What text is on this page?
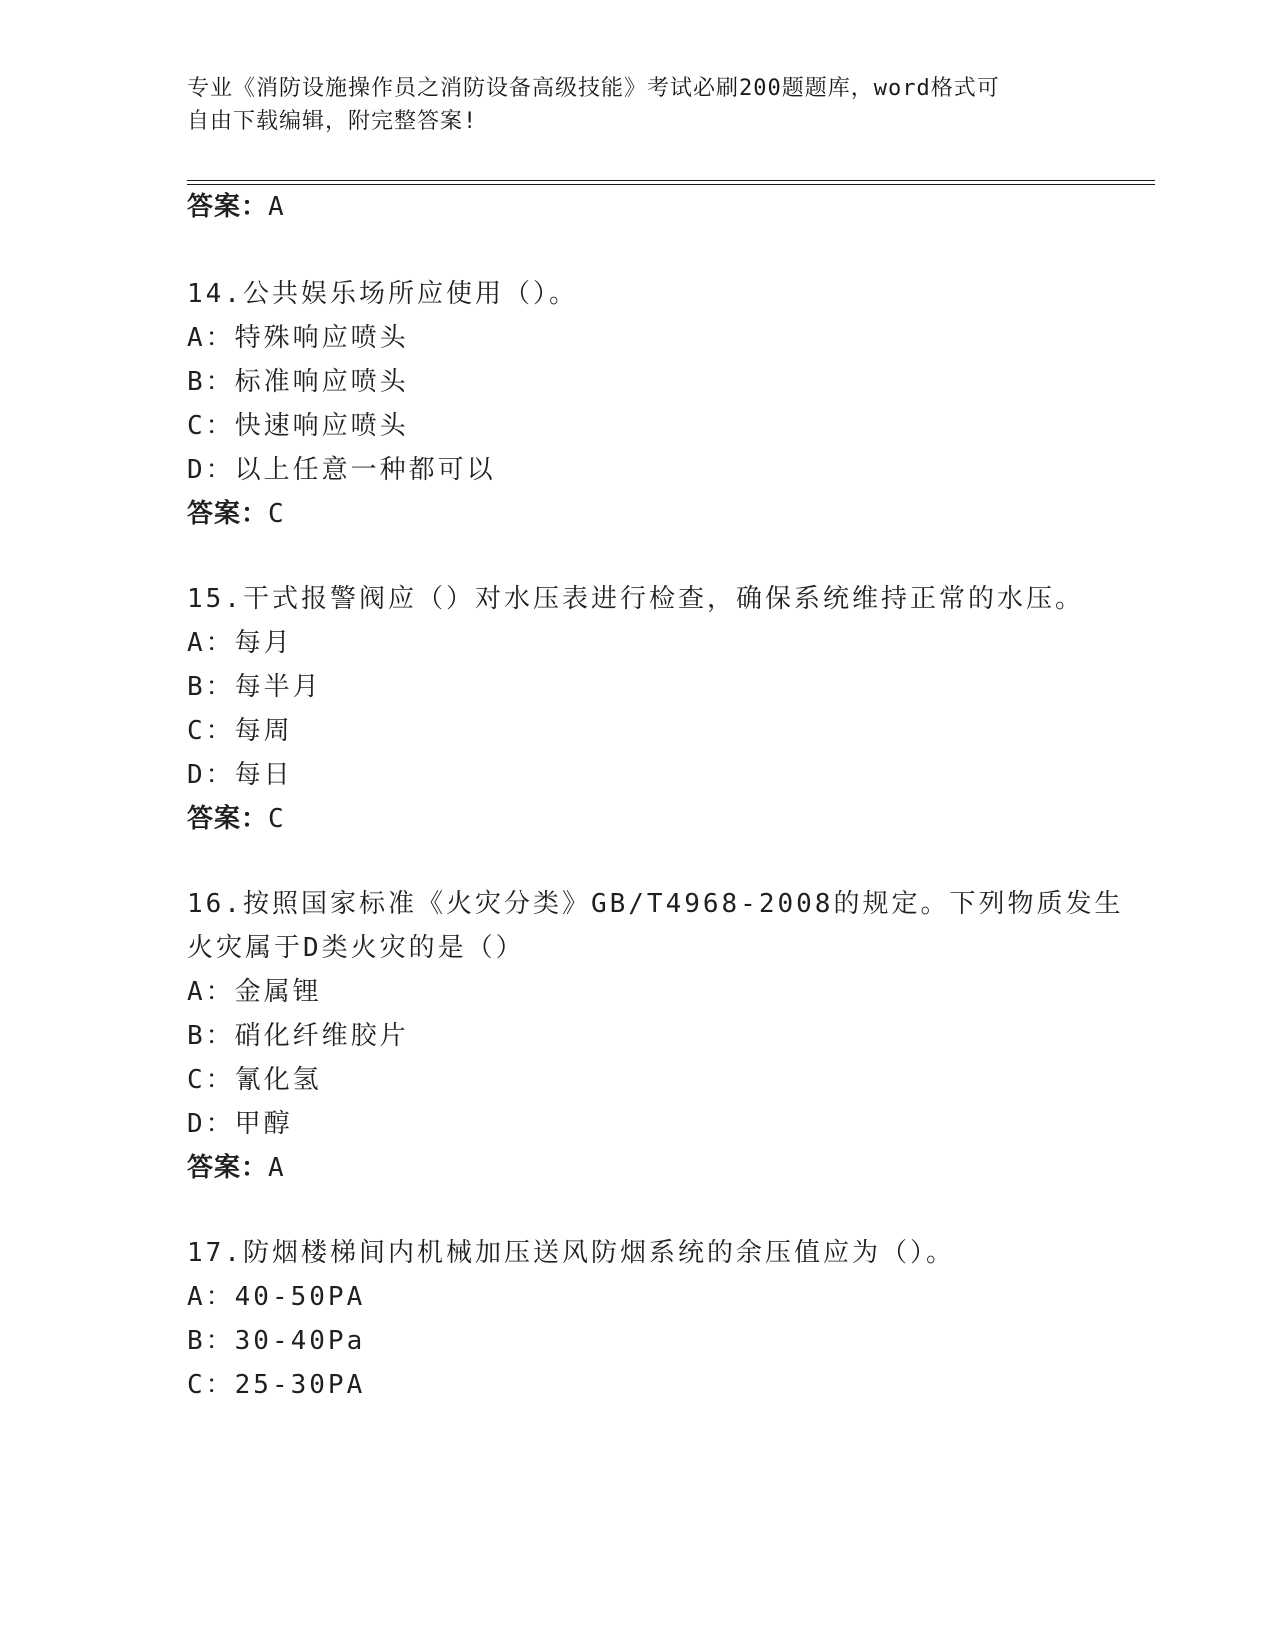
专业《消防设施操作员之消防设备高级技能》考试必刷200题题库，word格式可
自由下载编辑，附完整答案!
答案：A
14.公共娱乐场所应使用（）。
A：特殊响应喷头
B：标准响应喷头
C：快速响应喷头
D：以上任意一种都可以
答案：C
15.干式报警阀应（）对水压表进行检查，确保系统维持正常的水压。
A：每月
B：每半月
C：每周
D：每日
答案：C
16.按照国家标准《火灾分类》GB/T4968-2008的规定。下列物质发生
火灾属于D类火灾的是（）
A：金属锂
B：硝化纤维胶片
C：氰化氢
D：甲醇
答案：A
17.防烟楼梯间内机械加压送风防烟系统的余压值应为（）。
A：40-50PA
B：30-40Pa
C：25-30PA
